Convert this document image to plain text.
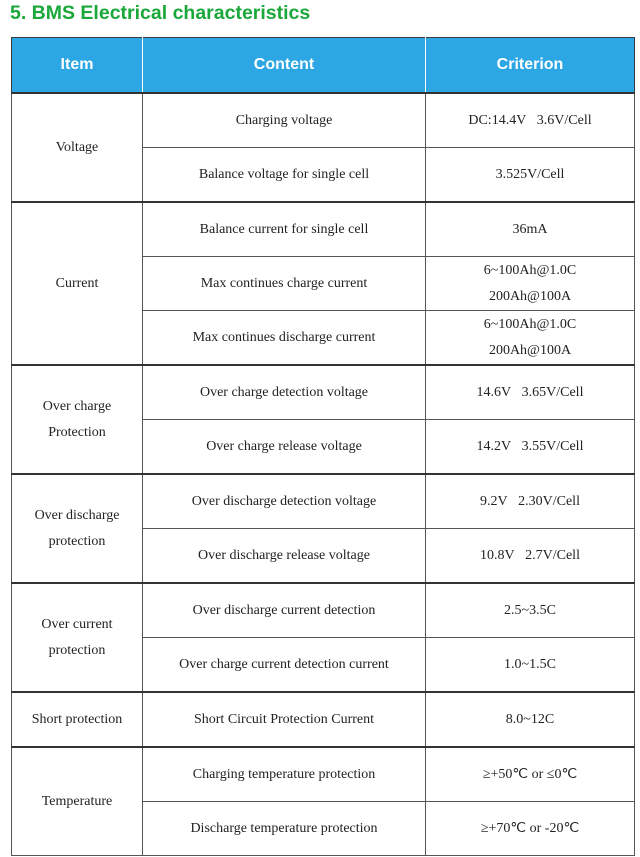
5. BMS Electrical characteristics
Item	Content	Criterion

Voltage	Charging voltage	DC:14.4V   3.6V/Cell

	Balance voltage for single cell	3.525V/Cell

Current	Balance current for single cell	36mA

	Max continues charge current	6~100Ah@1.0C
200Ah@100A

	Max continues discharge current	6~100Ah@1.0C
200Ah@100A

Over charge
Protection	Over charge detection voltage	14.6V   3.65V/Cell

	Over charge release voltage	14.2V   3.55V/Cell

Over discharge
protection	Over discharge detection voltage	9.2V   2.30V/Cell

	Over discharge release voltage	10.8V   2.7V/Cell

Over current
protection	Over discharge current detection	2.5~3.5C

	Over charge current detection current	1.0~1.5C

Short protection	Short Circuit Protection Current	8.0~12C

Temperature	Charging temperature protection	≥+50℃ or ≤0℃

	Discharge temperature protection	≥+70℃ or -20℃
